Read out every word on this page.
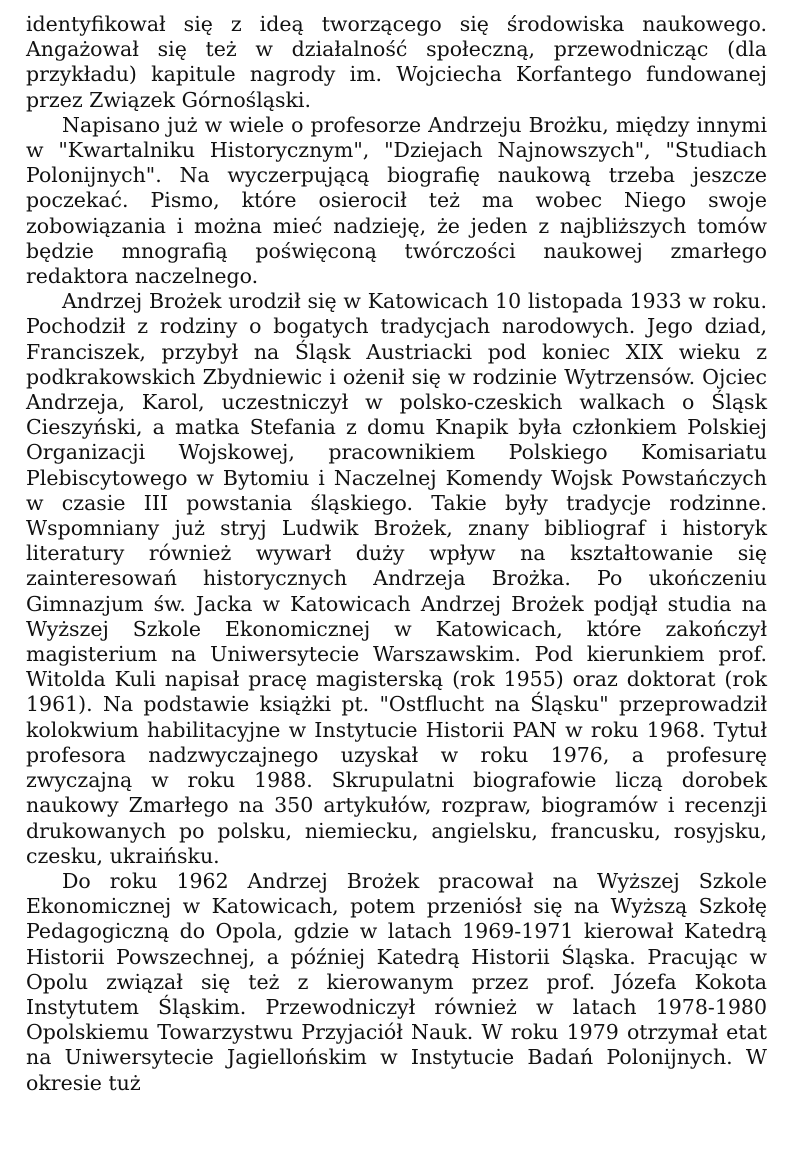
identyfikował się z ideą tworzącego się środowiska naukowego. Angażował się też w działalność społeczną, przewodnicząc (dla przykładu) kapitule nagrody im. Wojciecha Korfantego fundowanej przez Związek Górnośląski.

Napisano już w wiele o profesorze Andrzeju Brożku, między innymi w "Kwartalniku Historycznym", "Dziejach Najnowszych", "Studiach Polonijnych". Na wyczerpującą biografię naukową trzeba jeszcze poczekać. Pismo, które osierocił też ma wobec Niego swoje zobowiązania i można mieć nadzieję, że jeden z najbliższych tomów będzie mnografią poświęconą twórczości naukowej zmarłego redaktora naczelnego.

Andrzej Brożek urodził się w Katowicach 10 listopada 1933 w roku. Pochodził z rodziny o bogatych tradycjach narodowych. Jego dziad, Franciszek, przybył na Śląsk Austriacki pod koniec XIX wieku z podkrakowskich Zbydniewic i ożenił się w rodzinie Wytrzensów. Ojciec Andrzeja, Karol, uczestniczył w polsko-czeskich walkach o Śląsk Cieszyński, a matka Stefania z domu Knapik była członkiem Polskiej Organizacji Wojskowej, pracownikiem Polskiego Komisariatu Plebiscytowego w Bytomiu i Naczelnej Komendy Wojsk Powstańczych w czasie III powstania śląskiego. Takie były tradycje rodzinne. Wspomniany już stryj Ludwik Brożek, znany bibliograf i historyk literatury również wywarł duży wpływ na kształtowanie się zainteresowań historycznych Andrzeja Brożka. Po ukończeniu Gimnazjum św. Jacka w Katowicach Andrzej Brożek podjął studia na Wyższej Szkole Ekonomicznej w Katowicach, które zakończył magisterium na Uniwersytecie Warszawskim. Pod kierunkiem prof. Witolda Kuli napisał pracę magisterską (rok 1955) oraz doktorat (rok 1961). Na podstawie książki pt. "Ostflucht na Śląsku" przeprowadził kolokwium habilitacyjne w Instytucie Historii PAN w roku 1968. Tytuł profesora nadzwyczajnego uzyskał w roku 1976, a profesurę zwyczajną w roku 1988. Skrupulatni biografowie liczą dorobek naukowy Zmarłego na 350 artykułów, rozpraw, biogramów i recenzji drukowanych po polsku, niemiecku, angielsku, francusku, rosyjsku, czesku, ukraińsku.

Do roku 1962 Andrzej Brożek pracował na Wyższej Szkole Ekonomicznej w Katowicach, potem przeniósł się na Wyższą Szkołę Pedagogiczną do Opola, gdzie w latach 1969-1971 kierował Katedrą Historii Powszechnej, a później Katedrą Historii Śląska. Pracując w Opolu związał się też z kierowanym przez prof. Józefa Kokota Instytutem Śląskim. Przewodniczył również w latach 1978-1980 Opolskiemu Towarzystwu Przyjaciół Nauk. W roku 1979 otrzymał etat na Uniwersytecie Jagiellońskim w Instytucie Badań Polonijnych. W okresie tuż
